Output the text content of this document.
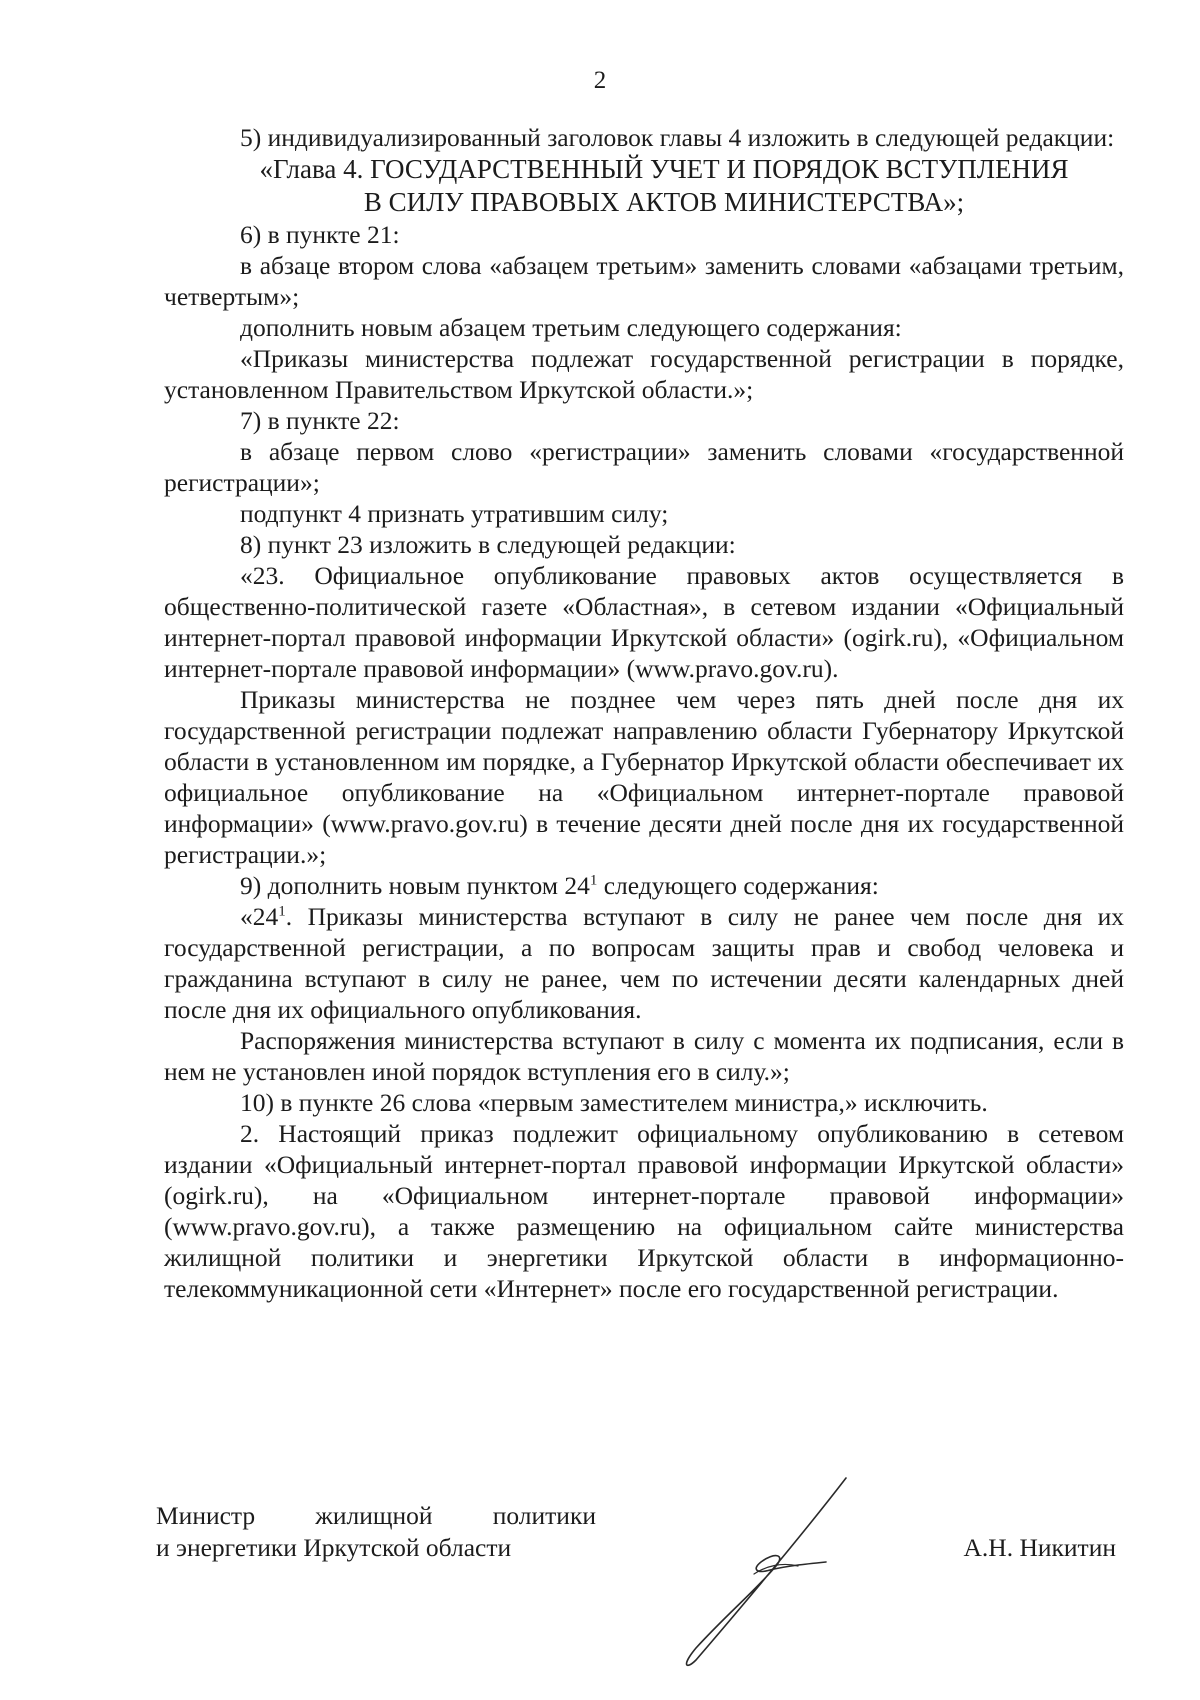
2

5) индивидуализированный заголовок главы 4 изложить в следующей редакции:

«Глава 4. ГОСУДАРСТВЕННЫЙ УЧЕТ И ПОРЯДОК ВСТУПЛЕНИЯ
В СИЛУ ПРАВОВЫХ АКТОВ МИНИСТЕРСТВА»;

6) в пункте 21:

в абзаце втором слова «абзацем третьим» заменить словами «абзацами третьим, четвертым»;

дополнить новым абзацем третьим следующего содержания:

«Приказы министерства подлежат государственной регистрации в порядке, установленном Правительством Иркутской области.»;

7) в пункте 22:

в абзаце первом слово «регистрации» заменить словами «государственной регистрации»;

подпункт 4 признать утратившим силу;

8) пункт 23 изложить в следующей редакции:

«23. Официальное опубликование правовых актов осуществляется в общественно-политической газете «Областная», в сетевом издании «Официальный интернет-портал правовой информации Иркутской области» (ogirk.ru), «Официальном интернет-портале правовой информации» (www.pravo.gov.ru).

Приказы министерства не позднее чем через пять дней после дня их государственной регистрации подлежат направлению области Губернатору Иркутской области в установленном им порядке, а Губернатор Иркутской области обеспечивает их официальное опубликование на «Официальном интернет-портале правовой информации» (www.pravo.gov.ru) в течение десяти дней после дня их государственной регистрации.»;

9) дополнить новым пунктом $24^1$ следующего содержания:

«$24^1$. Приказы министерства вступают в силу не ранее чем после дня их государственной регистрации, а по вопросам защиты прав и свобод человека и гражданина вступают в силу не ранее, чем по истечении десяти календарных дней после дня их официального опубликования.

Распоряжения министерства вступают в силу с момента их подписания, если в нем не установлен иной порядок вступления его в силу.»;

10) в пункте 26 слова «первым заместителем министра,» исключить.

2. Настоящий приказ подлежит официальному опубликованию в сетевом издании «Официальный интернет-портал правовой информации Иркутской области» (ogirk.ru), на «Официальном интернет-портале правовой информации» (www.pravo.gov.ru), а также размещению на официальном сайте министерства жилищной политики и энергетики Иркутской области в информационно-телекоммуникационной сети «Интернет» после его государственной регистрации.

Министр жилищной политики
и энергетики Иркутской области	А.Н. Никитин
